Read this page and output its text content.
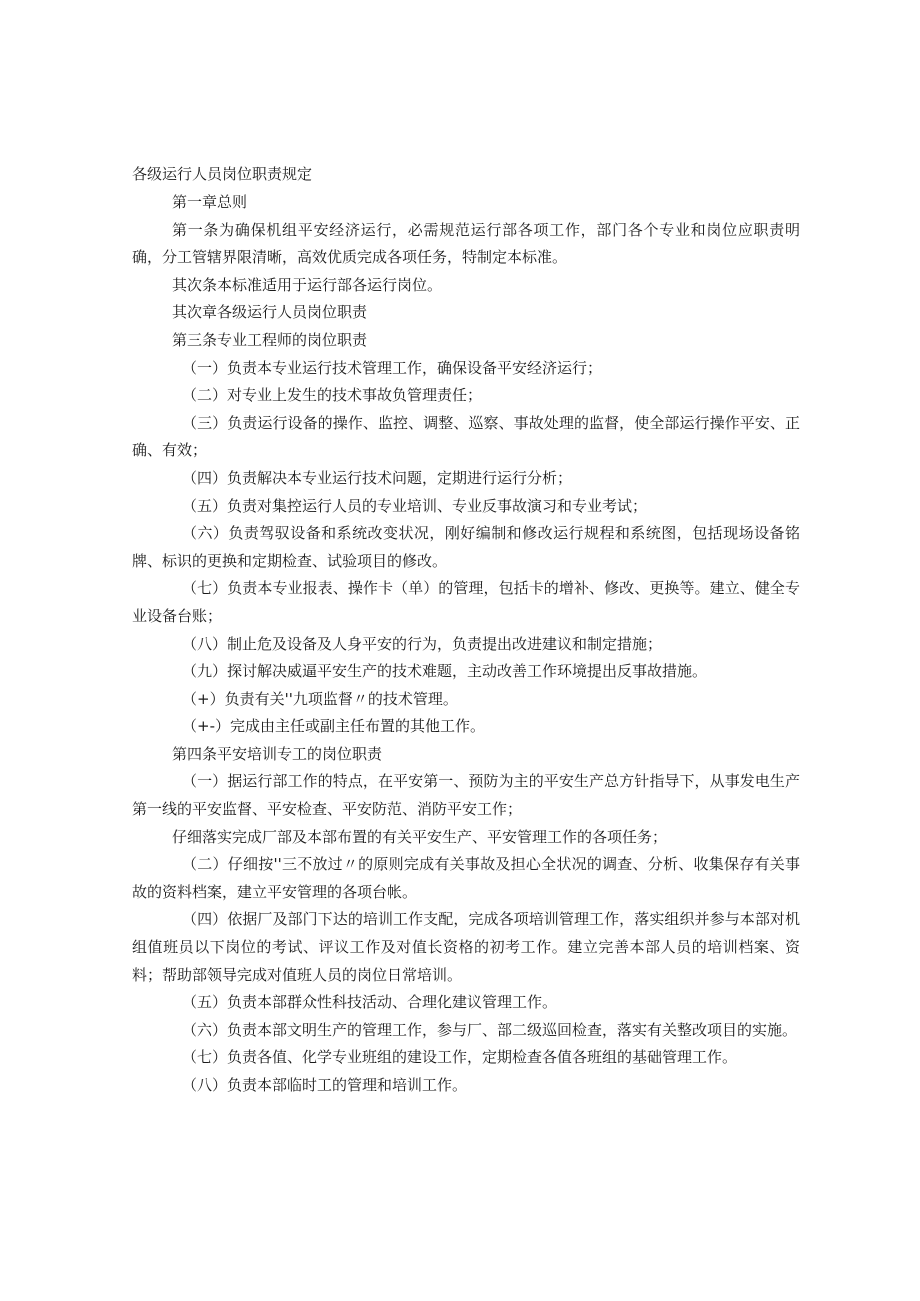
各级运行人员岗位职责规定

第一章总则

第一条为确保机组平安经济运行，必需规范运行部各项工作，部门各个专业和岗位应职责明确，分工管辖界限清晰，高效优质完成各项任务，特制定本标准。

其次条本标准适用于运行部各运行岗位。

其次章各级运行人员岗位职责

第三条专业工程师的岗位职责

（一）负责本专业运行技术管理工作，确保设备平安经济运行；

（二）对专业上发生的技术事故负管理责任；

（三）负责运行设备的操作、监控、调整、巡察、事故处理的监督，使全部运行操作平安、正确、有效；

（四）负责解决本专业运行技术问题，定期进行运行分析；

（五）负责对集控运行人员的专业培训、专业反事故演习和专业考试；

（六）负责驾驭设备和系统改变状况，刚好编制和修改运行规程和系统图，包括现场设备铭牌、标识的更换和定期检查、试验项目的修改。

（七）负责本专业报表、操作卡（单）的管理，包括卡的增补、修改、更换等。建立、健全专业设备台账；

（八）制止危及设备及人身平安的行为，负责提出改进建议和制定措施；

（九）探讨解决威逼平安生产的技术难题，主动改善工作环境提出反事故措施。

（+）负责有关''九项监督〃的技术管理。

（+-）完成由主任或副主任布置的其他工作。

第四条平安培训专工的岗位职责

（一）据运行部工作的特点，在平安第一、预防为主的平安生产总方针指导下，从事发电生产第一线的平安监督、平安检查、平安防范、消防平安工作；

仔细落实完成厂部及本部布置的有关平安生产、平安管理工作的各项任务；

（二）仔细按''三不放过〃的原则完成有关事故及担心全状况的调查、分析、收集保存有关事故的资料档案，建立平安管理的各项台帐。

（四）依据厂及部门下达的培训工作支配，完成各项培训管理工作，落实组织并参与本部对机组值班员以下岗位的考试、评议工作及对值长资格的初考工作。建立完善本部人员的培训档案、资料；帮助部领导完成对值班人员的岗位日常培训。

（五）负责本部群众性科技活动、合理化建议管理工作。

（六）负责本部文明生产的管理工作，参与厂、部二级巡回检查，落实有关整改项目的实施。

（七）负责各值、化学专业班组的建设工作，定期检查各值各班组的基础管理工作。

（八）负责本部临时工的管理和培训工作。
